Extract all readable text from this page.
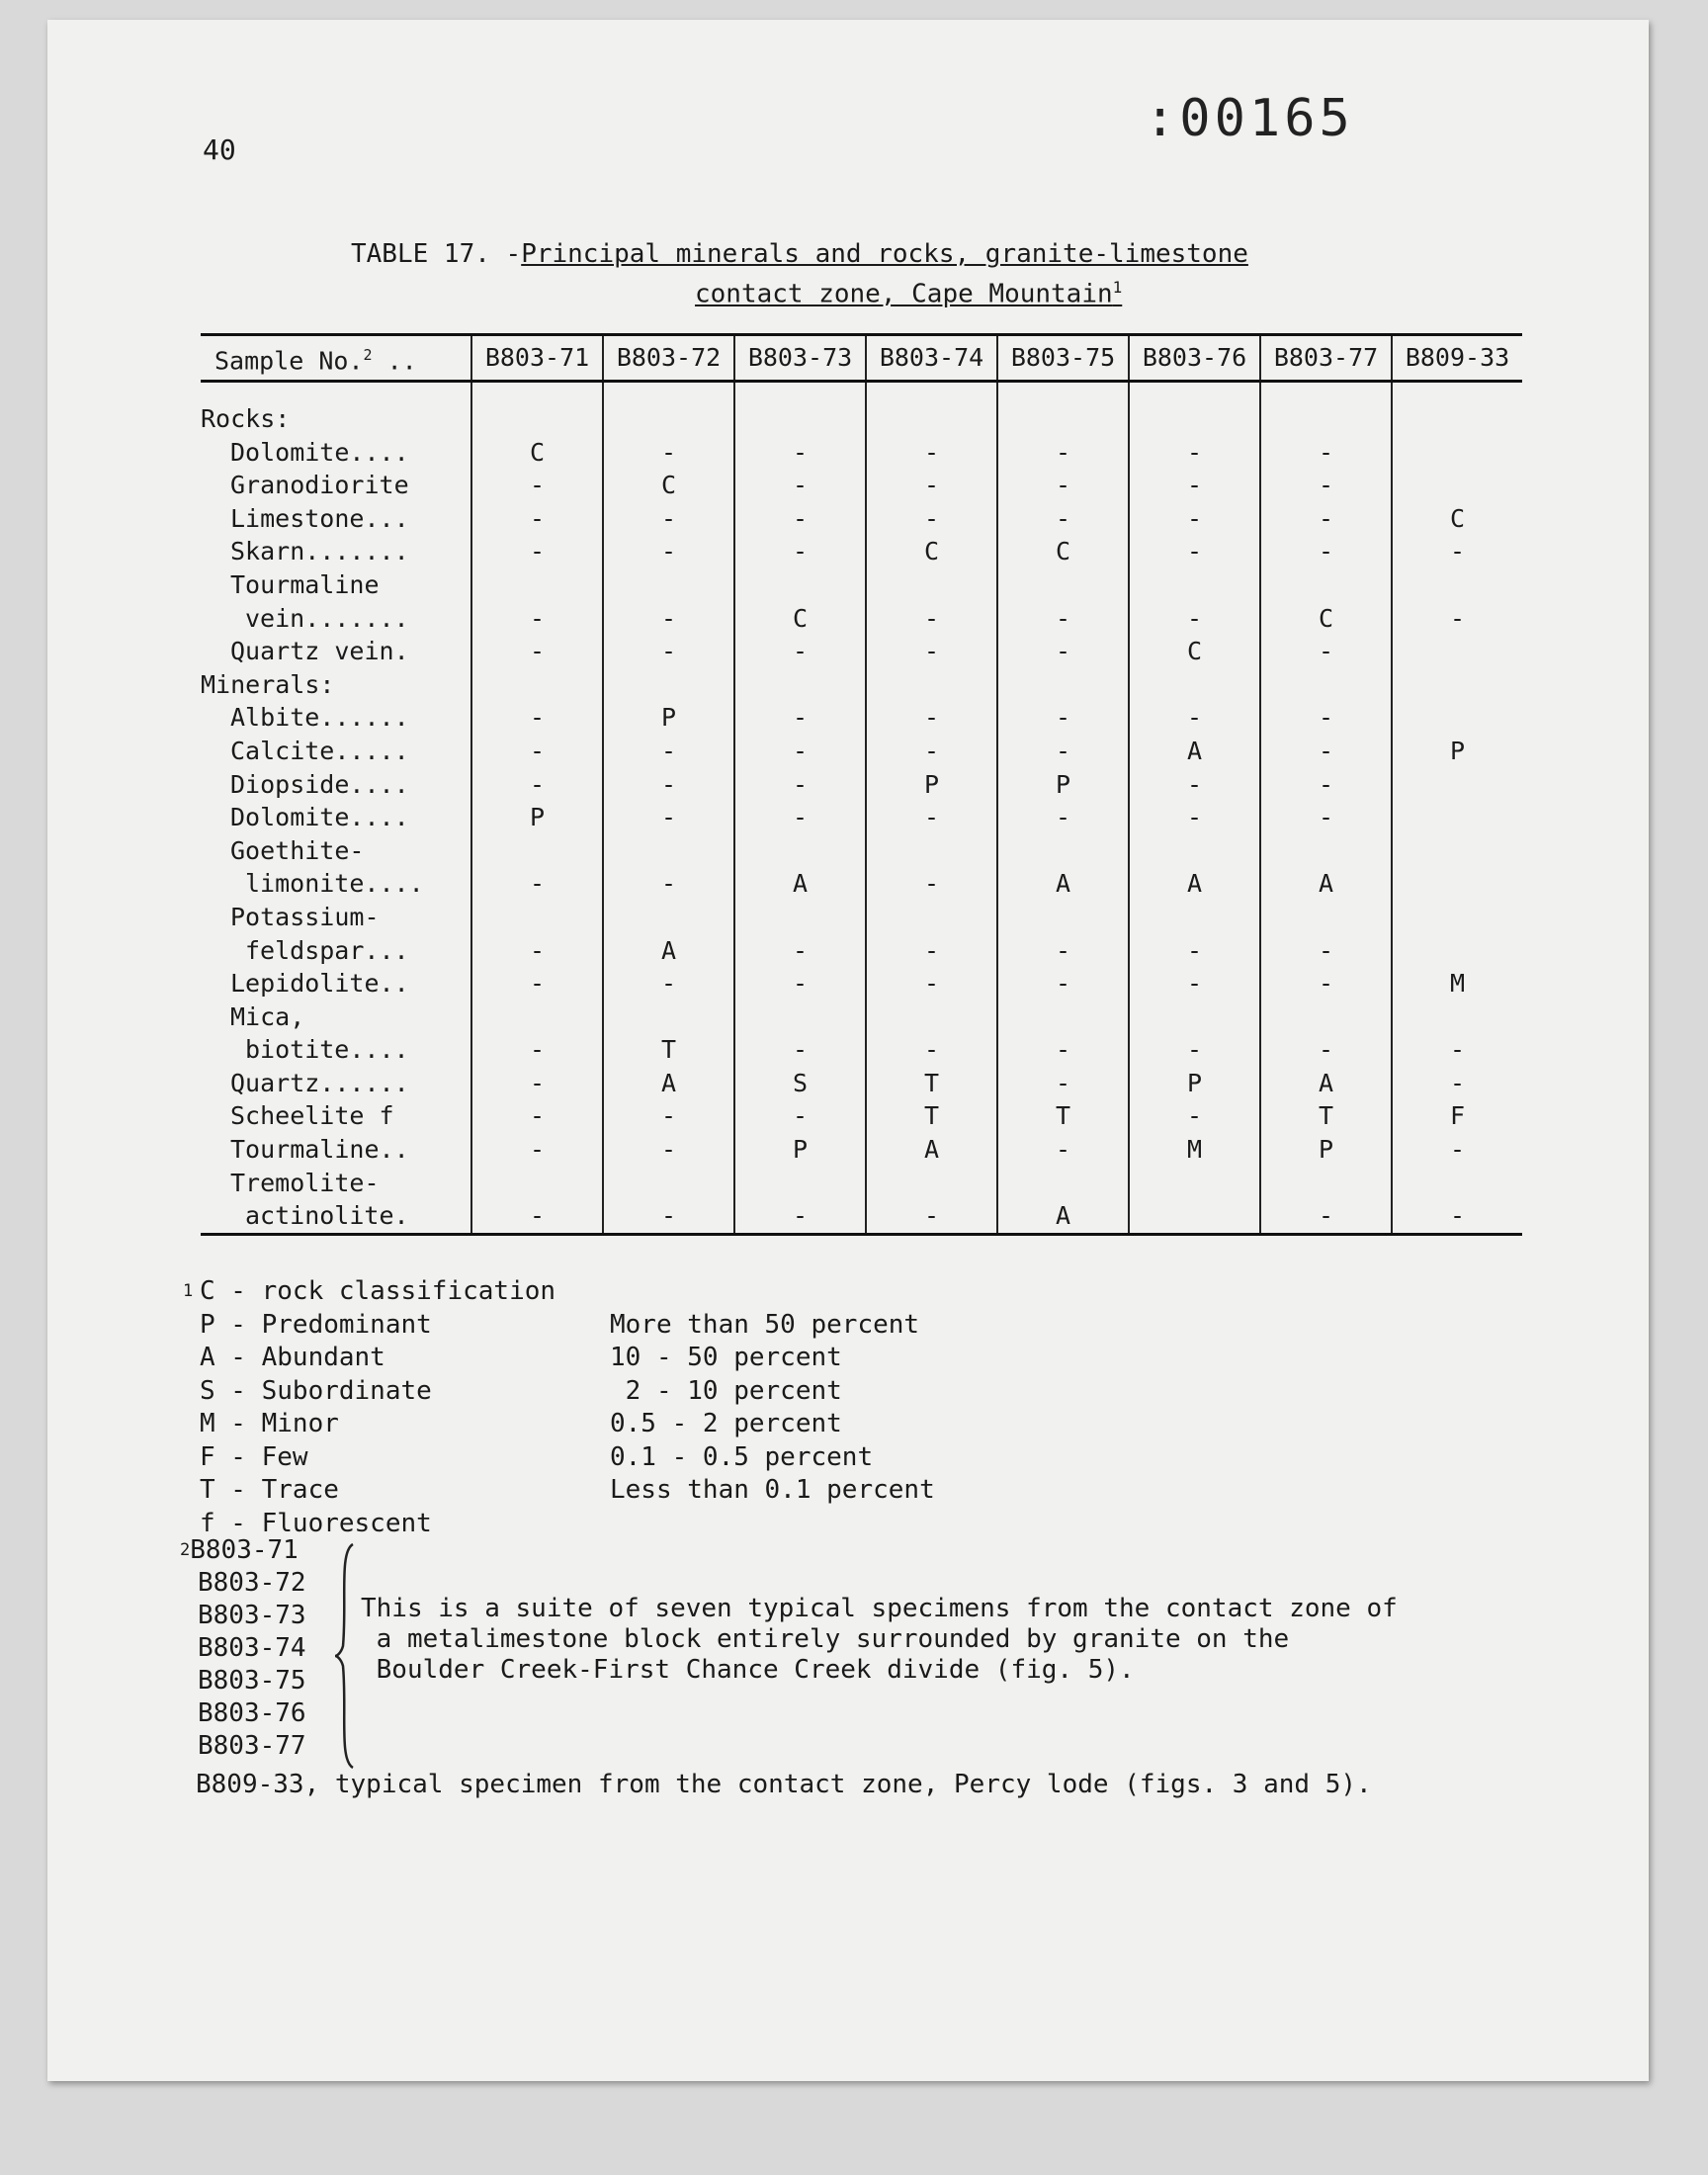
:00165
40
TABLE 17. -Principal minerals and rocks, granite-limestone
contact zone, Cape Mountain$^1$
Sample No.$^2$ ..	B803-71	B803-72	B803-73	B803-74	B803-75	B803-76	B803-77	B809-33

Rocks:								
Dolomite....	C	-	-	-	-	-	-	
Granodiorite	-	C	-	-	-	-	-	
Limestone...	-	-	-	-	-	-	-	C
Skarn.......	-	-	-	C	C	-	-	-
Tourmaline								
vein.......	-	-	C	-	-	-	C	-
Quartz vein.	-	-	-	-	-	C	-	
Minerals:								
Albite......	-	P	-	-	-	-	-	
Calcite.....	-	-	-	-	-	A	-	P
Diopside....	-	-	-	P	P	-	-	
Dolomite....	P	-	-	-	-	-	-	
Goethite-								
limonite....	-	-	A	-	A	A	A	
Potassium-								
feldspar...	-	A	-	-	-	-	-	
Lepidolite..	-	-	-	-	-	-	-	M
Mica,								
biotite....	-	T	-	-	-	-	-	-
Quartz......	-	A	S	T	-	P	A	-
Scheelite f	-	-	-	T	T	-	T	F
Tourmaline..	-	-	P	A	-	M	P	-
Tremolite-								
actinolite.	-	-	-	-	A		-	-
1 C - rock classification
P - Predominant	More than 50 percent
A - Abundant	10 - 50 percent
S - Subordinate	2 - 10 percent
M - Minor	0.5 - 2 percent
F - Few	0.1 - 0.5 percent
T - Trace	Less than 0.1 percent
f - Fluorescent
$^2$B803-71
B803-72
B803-73
B803-74
B803-75
B803-76
B803-77
This is a suite of seven typical specimens from the contact zone of
a metalimestone block entirely surrounded by granite on the
Boulder Creek-First Chance Creek divide (fig. 5).
B809-33, typical specimen from the contact zone, Percy lode (figs. 3 and 5).
